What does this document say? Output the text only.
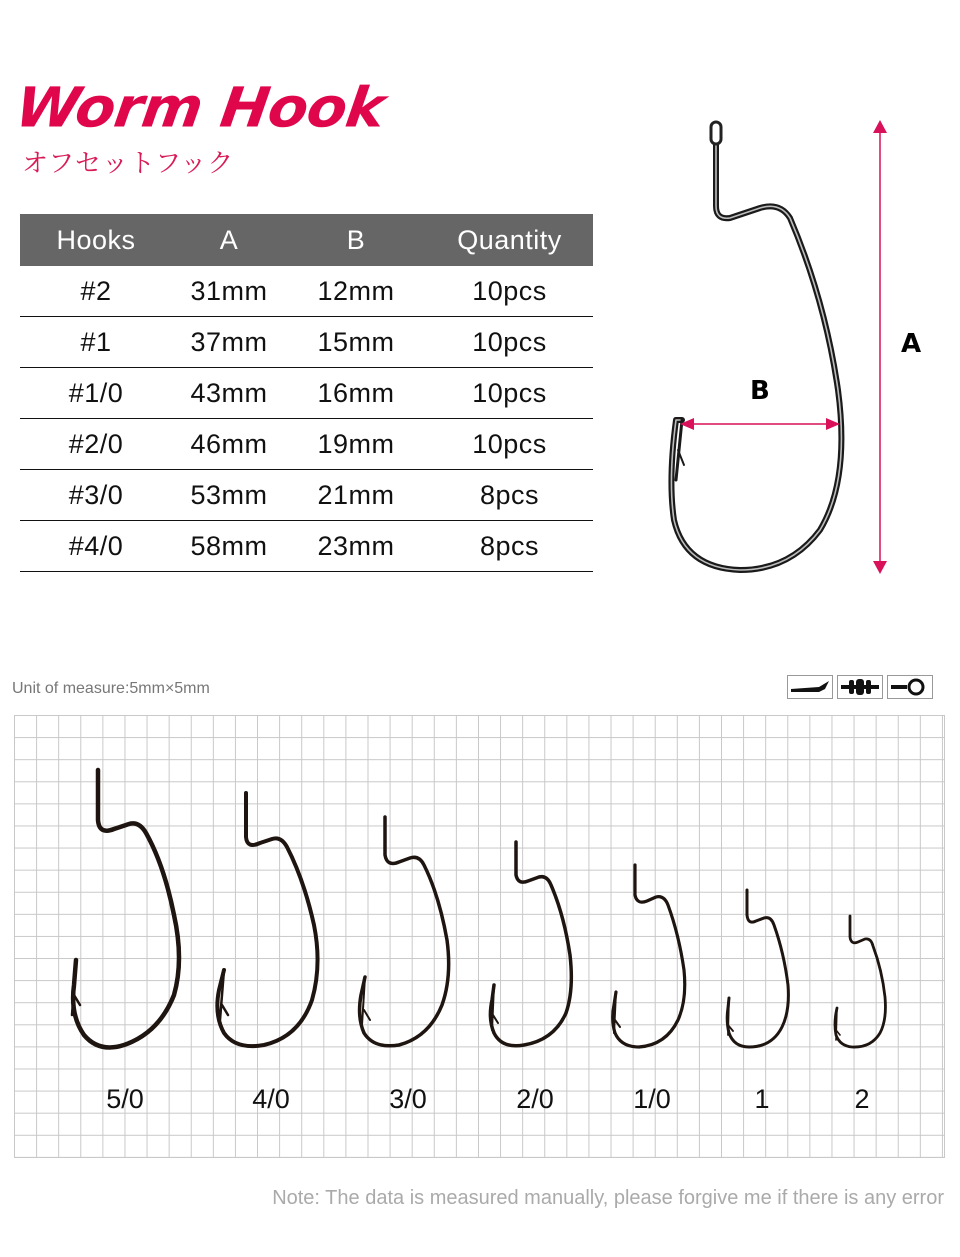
Worm Hook
オフセットフック
Hooks	A	B	Quantity
#2	31mm	12mm	10pcs
#1	37mm	15mm	10pcs
#1/0	43mm	16mm	10pcs
#2/0	46mm	19mm	10pcs
#3/0	53mm	21mm	8pcs
#4/0	58mm	23mm	8pcs
A
B
Unit of measure:5mm×5mm
5/0	4/0	3/0	2/0	1/0	1	2
Note: The data is measured manually, please forgive me if there is any error
